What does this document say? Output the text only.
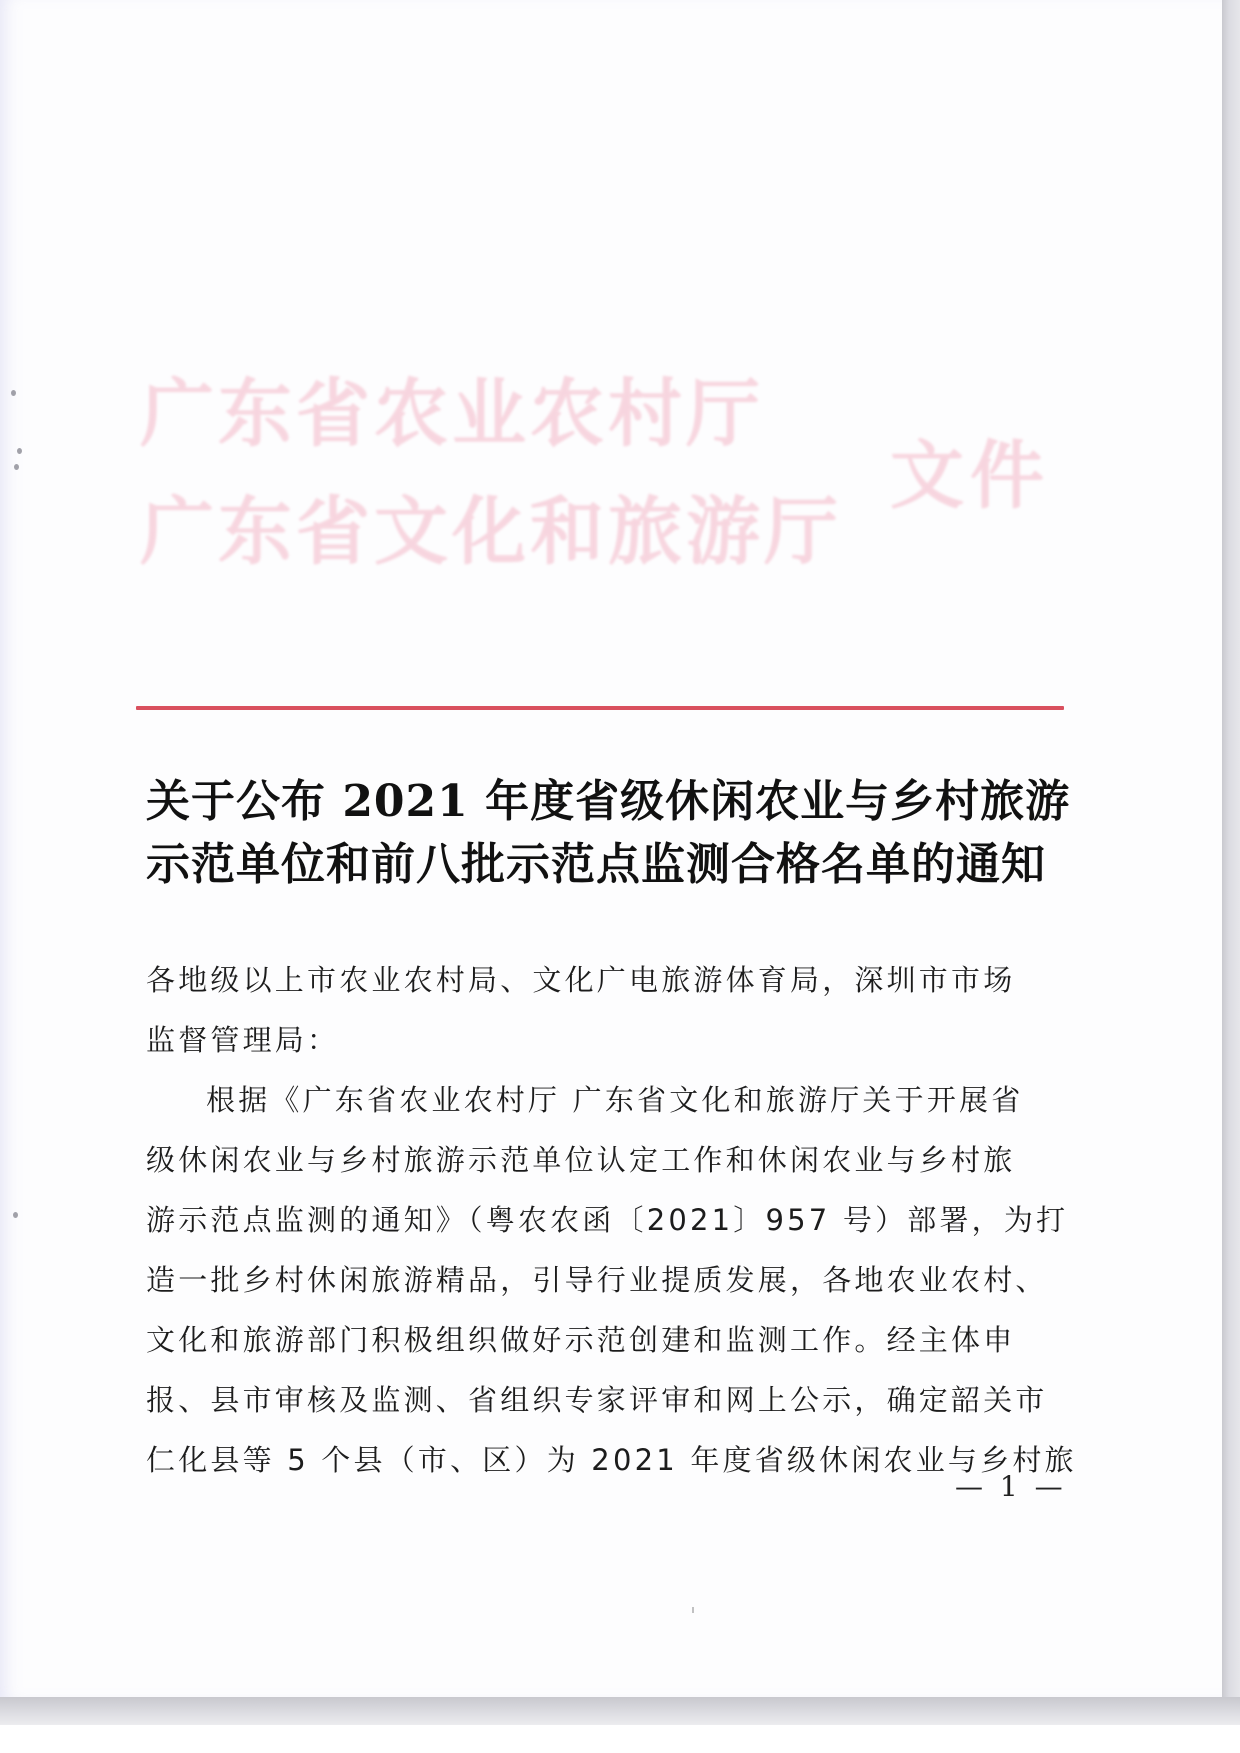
广东省农业农村厅
广东省文化和旅游厅
文件
关于公布 2021 年度省级休闲农业与乡村旅游
示范单位和前八批示范点监测合格名单的通知
各地级以上市农业农村局、文化广电旅游体育局，深圳市市场
监督管理局：
根据《广东省农业农村厅 广东省文化和旅游厅关于开展省
级休闲农业与乡村旅游示范单位认定工作和休闲农业与乡村旅
游示范点监测的通知》（粤农农函〔2021〕957 号）部署，为打
造一批乡村休闲旅游精品，引导行业提质发展，各地农业农村、
文化和旅游部门积极组织做好示范创建和监测工作。经主体申
报、县市审核及监测、省组织专家评审和网上公示，确定韶关市
仁化县等 5 个县（市、区）为 2021 年度省级休闲农业与乡村旅
— 1 —
